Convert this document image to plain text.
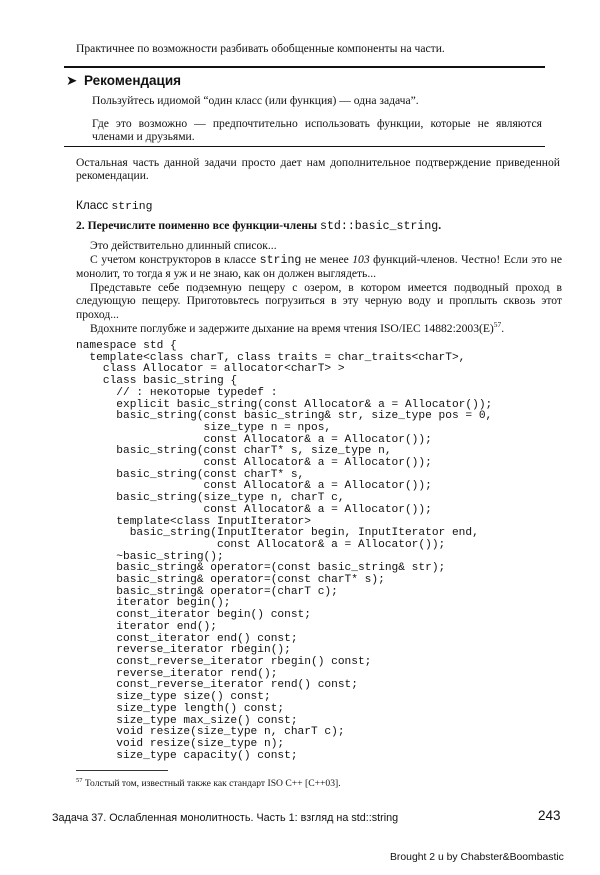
Практичнее по возможности разбивать обобщенные компоненты на части.
➤ Рекомендация
Пользуйтесь идиомой “один класс (или функция) — одна задача”.
Где это возможно — предпочтительно использовать функции, которые не являются членами и друзьями.
Остальная часть данной задачи просто дает нам дополнительное подтверждение приведенной рекомендации.
Класс string
2. Перечислите поименно все функции-члены std::basic_string.
Это действительно длинный список...
С учетом конструкторов в классе string не менее 103 функций-членов. Честно! Если это не монолит, то тогда я уж и не знаю, как он должен выглядеть...
Представьте себе подземную пещеру с озером, в котором имеется подводный проход в следующую пещеру. Приготовьтесь погрузиться в эту черную воду и проплыть сквозь этот проход...
Вдохните поглубже и задержите дыхание на время чтения ISO/IEC $14882:2003(E)^{57}$.
namespace std {
template<class charT, class traits = char_traits<charT>,
class Allocator = allocator<charT> >
class basic_string {
// : некоторые typedef :
explicit basic_string(const Allocator& a = Allocator());
basic_string(const basic_string& str, size_type pos = 0,
size_type n = npos,
const Allocator& a = Allocator());
basic_string(const charT* s, size_type n,
const Allocator& a = Allocator());
basic_string(const charT* s,
const Allocator& a = Allocator());
basic_string(size_type n, charT c,
const Allocator& a = Allocator());
template<class InputIterator>
basic_string(InputIterator begin, InputIterator end,
const Allocator& a = Allocator());
~basic_string();
basic_string& operator=(const basic_string& str);
basic_string& operator=(const charT* s);
basic_string& operator=(charT c);
iterator begin();
const_iterator begin() const;
iterator end();
const_iterator end() const;
reverse_iterator rbegin();
const_reverse_iterator rbegin() const;
reverse_iterator rend();
const_reverse_iterator rend() const;
size_type size() const;
size_type length() const;
size_type max_size() const;
void resize(size_type n, charT c);
void resize(size_type n);
size_type capacity() const;
$^{57}$ Толстый том, известный также как стандарт ISO C++ [C++03].
Задача 37. Ослабленная монолитность. Часть 1: взгляд на std::string	243
Brought 2 u by Chabster&Boombastic
